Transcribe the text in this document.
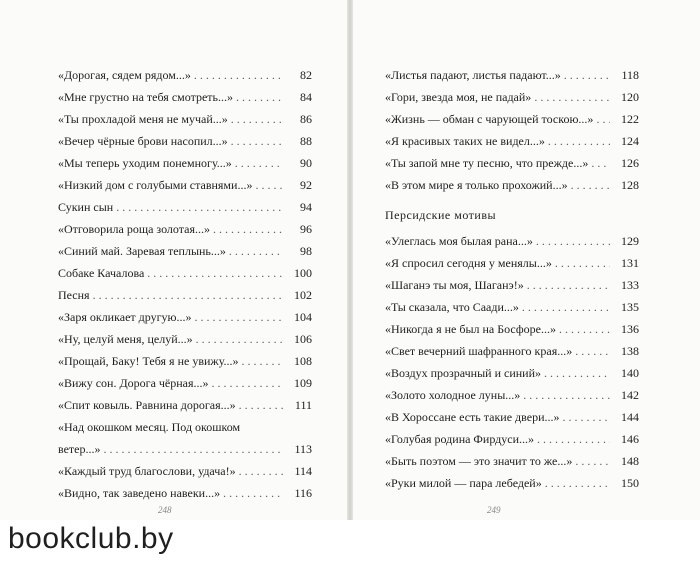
«Дорогая, сядем рядом...» .....	82
«Мне грустно на тебя смотреть...» .....	84
«Ты прохладой меня не мучай...» .....	86
«Вечер чёрные брови насопил...» .....	88
«Мы теперь уходим понемногу...» .....	90
«Низкий дом с голубыми ставнями...» .....	92
Сукин сын .....	94
«Отговорила роща золотая...» .....	96
«Синий май. Заревая теплынь...» .....	98
Собаке Качалова .....	100
Песня .....	102
«Заря окликает другую...» .....	104
«Ну, целуй меня, целуй...» .....	106
«Прощай, Баку! Тебя я не увижу...» .....	108
«Вижу сон. Дорога чёрная...» .....	109
«Спит ковыль. Равнина дорогая...» .....	111
«Над окошком месяц. Под окошком
ветер...» .....	113
«Каждый труд благослови, удача!» .....	114
«Видно, так заведено навеки...» .....	116
«Листья падают, листья падают...» .....	118
«Гори, звезда моя, не падай» .....	120
«Жизнь — обман с чарующей тоскою...» .....	122
«Я красивых таких не видел...» .....	124
«Ты запой мне ту песню, что прежде...» .....	126
«В этом мире я только прохожий...» .....	128
Персидские мотивы
«Улеглась моя былая рана...» .....	129
«Я спросил сегодня у менялы...» .....	131
«Шаганэ ты моя, Шаганэ!» .....	133
«Ты сказала, что Саади...» .....	135
«Никогда я не был на Босфоре...» .....	136
«Свет вечерний шафранного края...» .....	138
«Воздух прозрачный и синий» .....	140
«Золото холодное луны...» .....	142
«В Хороссане есть такие двери...» .....	144
«Голубая родина Фирдуси...» .....	146
«Быть поэтом — это значит то же...» .....	148
«Руки милой — пара лебедей» .....	150
248	249
bookclub.by
